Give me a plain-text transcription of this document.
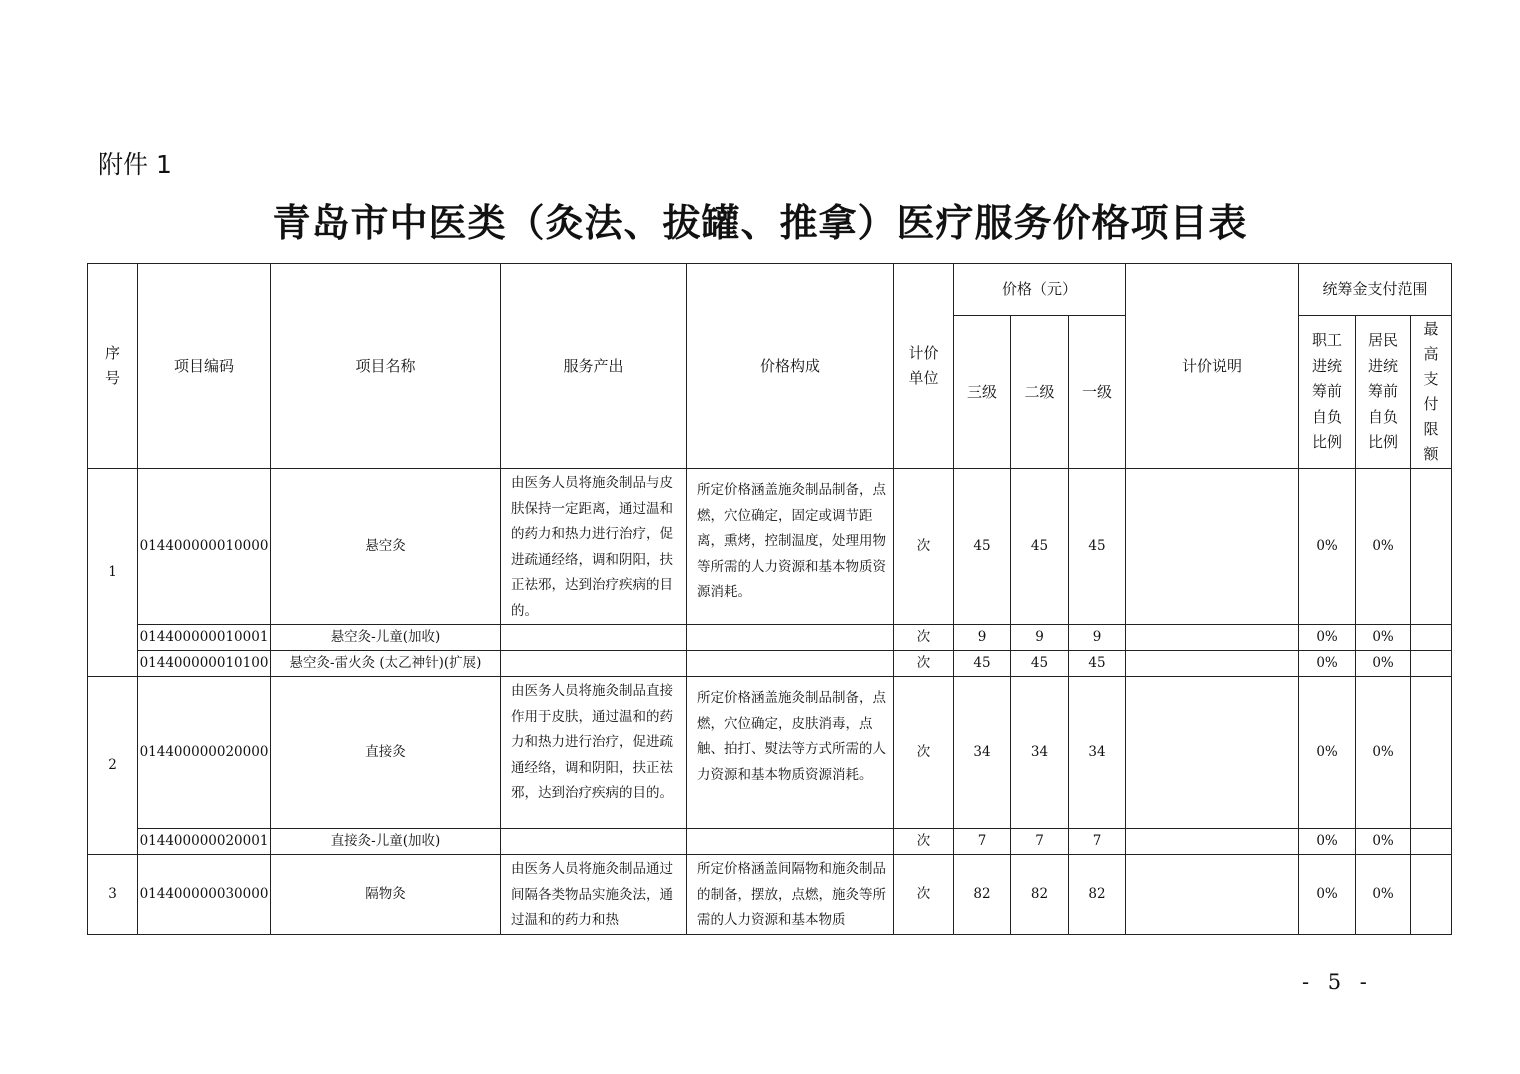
附件 1
青岛市中医类（灸法、拔罐、推拿）医疗服务价格项目表
序号	项目编码	项目名称	服务产出	价格构成	计价单位	价格（元）			计价说明	统筹金支付范围		
						三级	二级	一级		职工进统筹前自负比例	居民进统筹前自负比例	最高支付限额
1	014400000010000	悬空灸	由医务人员将施灸制品与皮肤保持一定距离，通过温和的药力和热力进行治疗，促进疏通经络，调和阴阳，扶正祛邪，达到治疗疾病的目的。	所定价格涵盖施灸制品制备，点燃，穴位确定，固定或调节距离，熏烤，控制温度，处理用物等所需的人力资源和基本物质资源消耗。	次	45	45	45		0%	0%	
	014400000010001	悬空灸-儿童(加收)			次	9	9	9		0%	0%	
	014400000010100	悬空灸-雷火灸 (太乙神针)(扩展)			次	45	45	45		0%	0%	
2	014400000020000	直接灸	由医务人员将施灸制品直接作用于皮肤，通过温和的药力和热力进行治疗，促进疏通经络，调和阴阳，扶正祛邪，达到治疗疾病的目的。	所定价格涵盖施灸制品制备，点燃，穴位确定，皮肤消毒，点触、拍打、熨法等方式所需的人力资源和基本物质资源消耗。	次	34	34	34		0%	0%	
	014400000020001	直接灸-儿童(加收)			次	7	7	7		0%	0%	
3	014400000030000	隔物灸	由医务人员将施灸制品通过间隔各类物品实施灸法，通过温和的药力和热	所定价格涵盖间隔物和施灸制品的制备，摆放，点燃，施灸等所需的人力资源和基本物质	次	82	82	82		0%	0%	
- 5 -
